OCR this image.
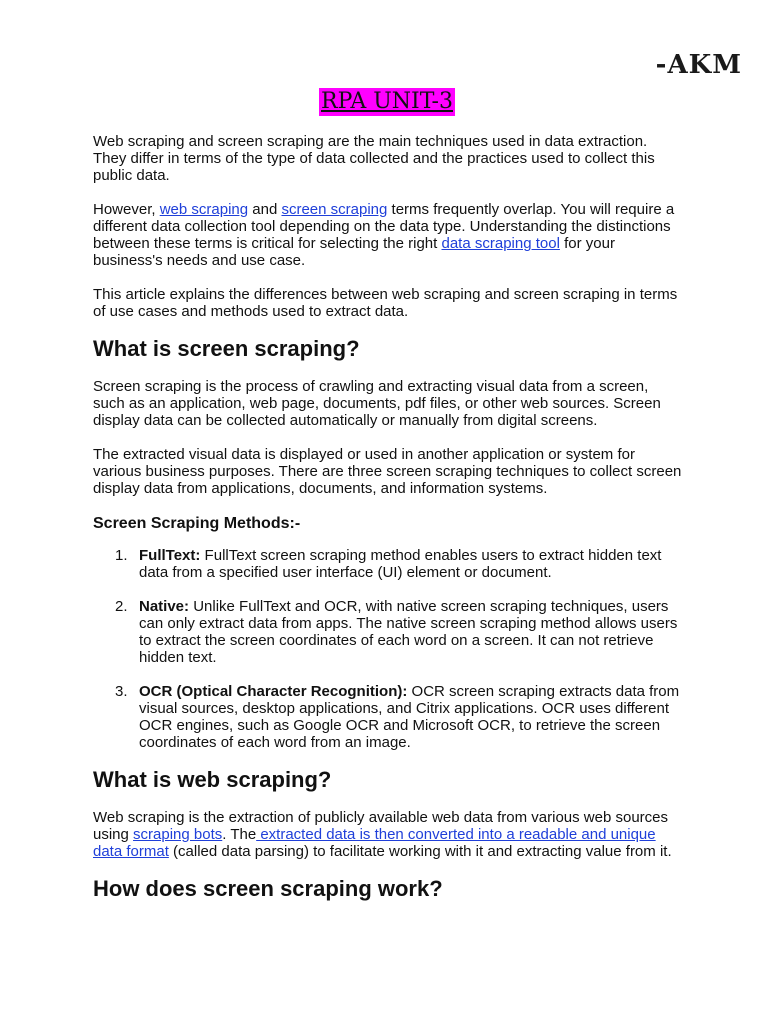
-AKM
RPA UNIT-3

Web scraping and screen scraping are the main techniques used in data extraction. They differ in terms of the type of data collected and the practices used to collect this public data.

However, web scraping and screen scraping terms frequently overlap. You will require a different data collection tool depending on the data type. Understanding the distinctions between these terms is critical for selecting the right data scraping tool for your business's needs and use case.

This article explains the differences between web scraping and screen scraping in terms of use cases and methods used to extract data.

What is screen scraping?

Screen scraping is the process of crawling and extracting visual data from a screen, such as an application, web page, documents, pdf files, or other web sources. Screen display data can be collected automatically or manually from digital screens.

The extracted visual data is displayed or used in another application or system for various business purposes. There are three screen scraping techniques to collect screen display data from applications, documents, and information systems.

Screen Scraping Methods:-
1. FullText: FullText screen scraping method enables users to extract hidden text data from a specified user interface (UI) element or document.
2. Native: Unlike FullText and OCR, with native screen scraping techniques, users can only extract data from apps. The native screen scraping method allows users to extract the screen coordinates of each word on a screen. It can not retrieve hidden text.
3. OCR (Optical Character Recognition): OCR screen scraping extracts data from visual sources, desktop applications, and Citrix applications. OCR uses different OCR engines, such as Google OCR and Microsoft OCR, to retrieve the screen coordinates of each word from an image.
What is web scraping?

Web scraping is the extraction of publicly available web data from various web sources using scraping bots. The extracted data is then converted into a readable and unique data format (called data parsing) to facilitate working with it and extracting value from it.

How does screen scraping work?
